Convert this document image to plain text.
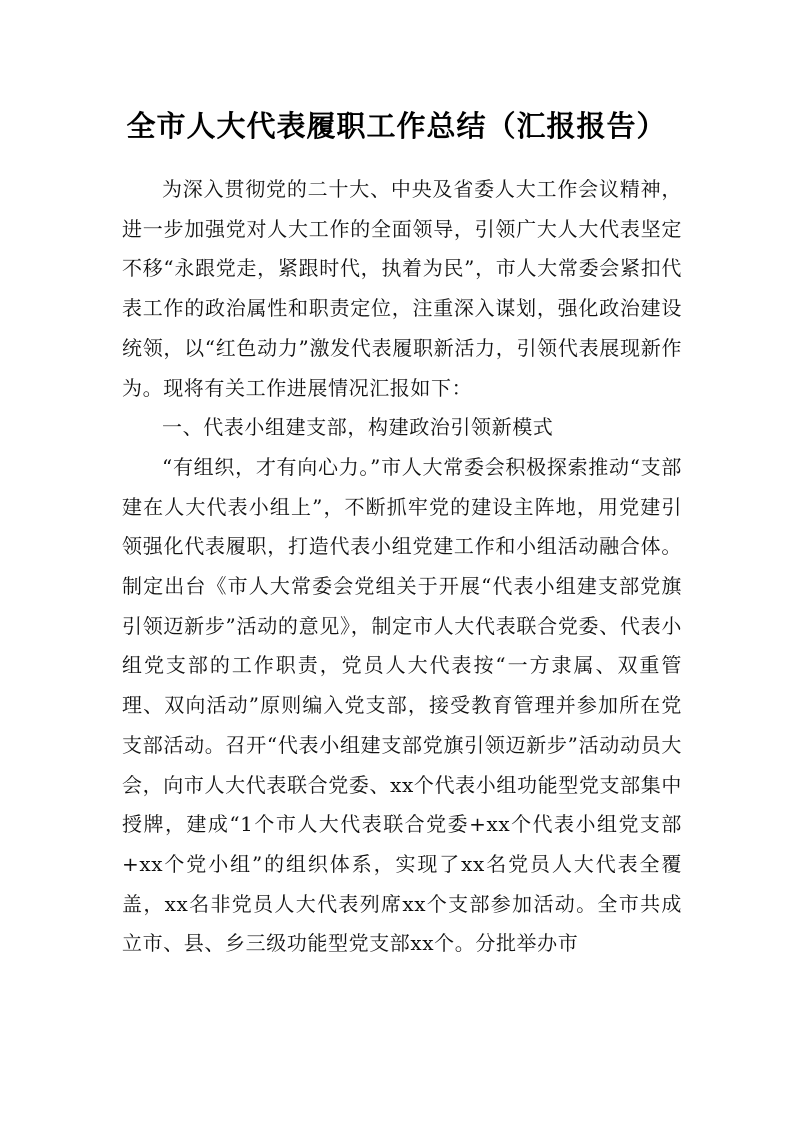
全市人大代表履职工作总结（汇报报告）

为深入贯彻党的二十大、中央及省委人大工作会议精神，进一步加强党对人大工作的全面领导，引领广大人大代表坚定不移“永跟党走，紧跟时代，执着为民”，市人大常委会紧扣代表工作的政治属性和职责定位，注重深入谋划，强化政治建设统领，以“红色动力”激发代表履职新活力，引领代表展现新作为。现将有关工作进展情况汇报如下：

一、代表小组建支部，构建政治引领新模式

“有组织，才有向心力。”市人大常委会积极探索推动“支部建在人大代表小组上”，不断抓牢党的建设主阵地，用党建引领强化代表履职，打造代表小组党建工作和小组活动融合体。制定出台《市人大常委会党组关于开展“代表小组建支部党旗引领迈新步”活动的意见》，制定市人大代表联合党委、代表小组党支部的工作职责，党员人大代表按“一方隶属、双重管理、双向活动”原则编入党支部，接受教育管理并参加所在党支部活动。召开“代表小组建支部党旗引领迈新步”活动动员大会，向市人大代表联合党委、xx个代表小组功能型党支部集中授牌，建成“1个市人大代表联合党委+xx个代表小组党支部+xx个党小组”的组织体系，实现了xx名党员人大代表全覆盖，xx名非党员人大代表列席xx个支部参加活动。全市共成立市、县、乡三级功能型党支部xx个。分批举办市
